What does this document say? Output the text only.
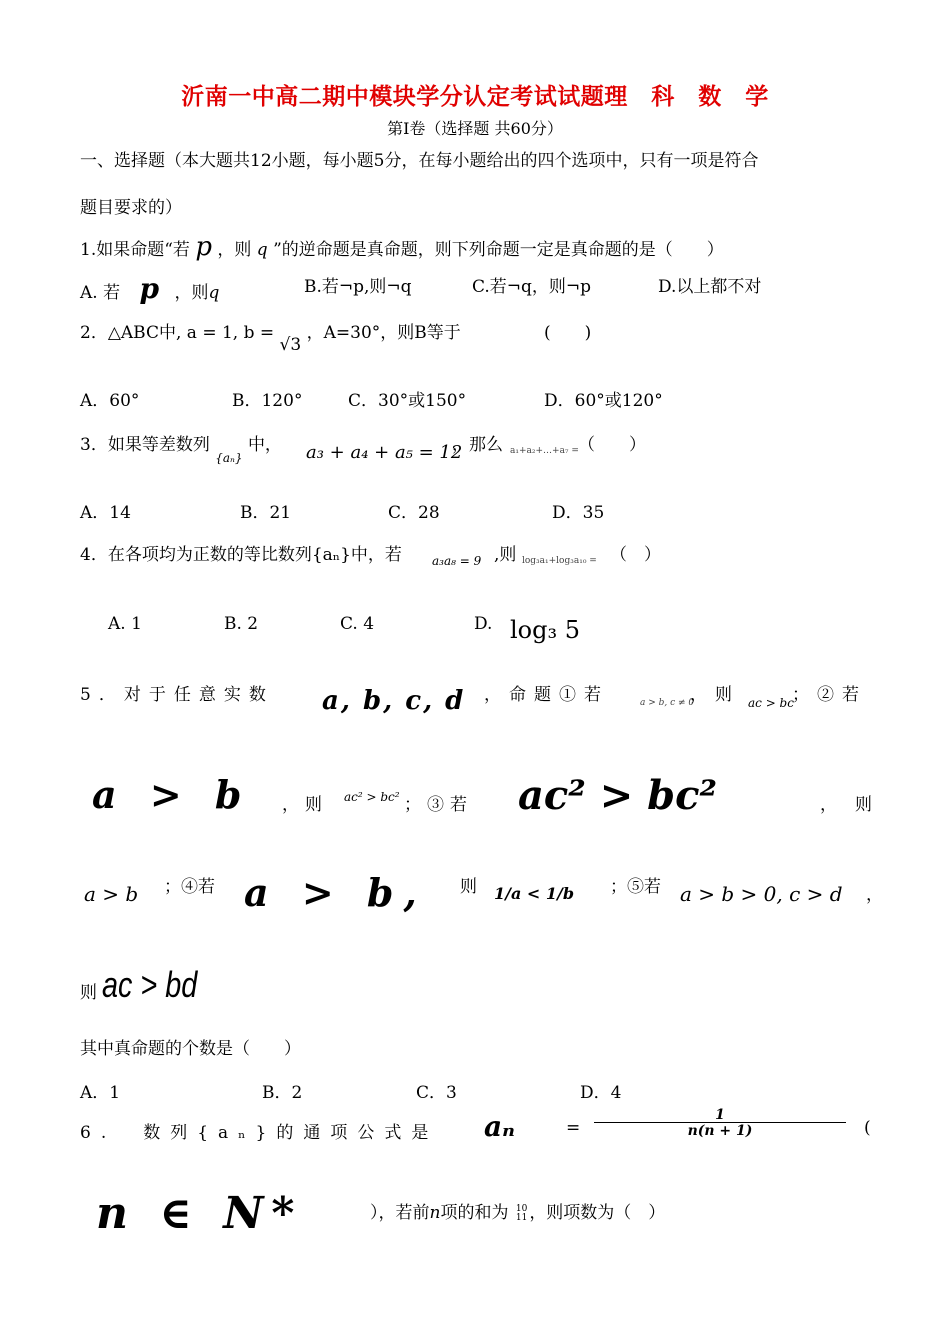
沂南一中高二期中模块学分认定考试试题理　科　数　学
第Ⅰ卷（选择题 共60分）
一、选择题（本大题共12小题，每小题5分，在每小题给出的四个选项中，只有一项是符合
题目要求的）
1.如果命题“若 p ，则 q ”的逆命题是真命题，则下列命题一定是真命题的是（　　）
A. 若 p ，则q	B.若¬p,则¬q	C.若¬q，则¬p	D.以上都不对
2．△ABC中, a = 1, b = √3 ，A=30°，则B等于	(　　)
A．60°	B．120°	C．30°或150°	D．60°或120°
3．如果等差数列 $_{\{a_n\}}$ 中， a₃ + a₄ + a₅ = 12
，那么 a₁+a₂+…+a₇ = （　　）
A．14	B．21	C．28	D．35
4．在各项均为正数的等比数列{aₙ}中，若	a₃a₈ = 9 ,则 log₃a₁+log₃a₁₀ = （　）
A. 1	B. 2	C. 4	D. log₃ 5
5．对于任意实数 a, b, c, d ，命题①若	a > b, c ≠ 0
，则 ac > bc
；②若
a > b ，则 ac² > bc² ；③若 ac² > bc²	，则
a > b ；④若 a > b, 则 1/a < 1/b ；⑤若 a > b > 0, c > d ，
则 ac > bd
其中真命题的个数是（　　）
A．1	B．2	C．3	D．4
6.　数列{aₙ}的通项公式是 aₙ	= $\frac{1}{n(n + 1)}$ (
n ∈ N*	），若前n项的和为 10
11 ，则项数为（　）
